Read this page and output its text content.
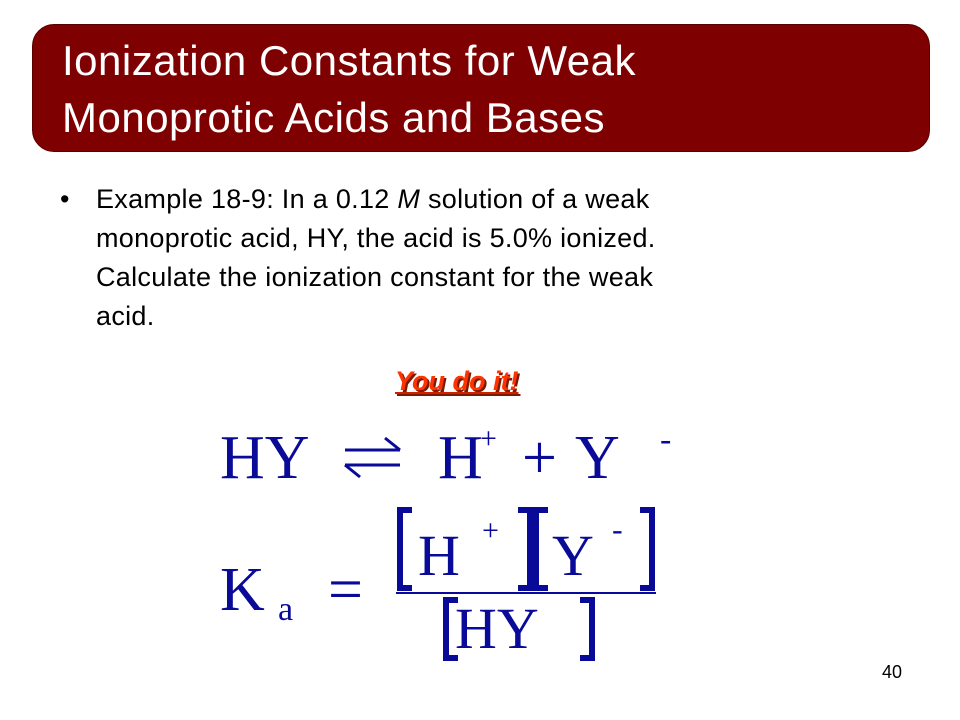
Ionization Constants for Weak
Monoprotic Acids and Bases
• Example 18-9: In a 0.12 M solution of a weak
monoprotic acid, HY, the acid is 5.0% ionized.
Calculate the ionization constant for the weak
acid.
You do it!
HY H
+ + Y -
K a =
H + Y -
HY
40
